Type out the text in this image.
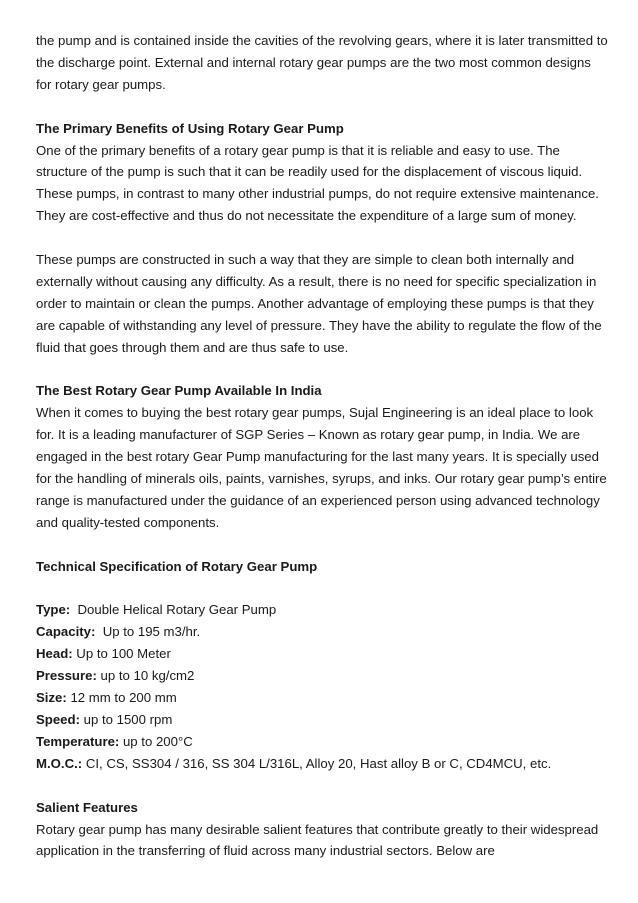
the pump and is contained inside the cavities of the revolving gears, where it is later transmitted to the discharge point. External and internal rotary gear pumps are the two most common designs for rotary gear pumps.

The Primary Benefits of Using Rotary Gear Pump

One of the primary benefits of a rotary gear pump is that it is reliable and easy to use. The structure of the pump is such that it can be readily used for the displacement of viscous liquid. These pumps, in contrast to many other industrial pumps, do not require extensive maintenance. They are cost-effective and thus do not necessitate the expenditure of a large sum of money.

These pumps are constructed in such a way that they are simple to clean both internally and externally without causing any difficulty. As a result, there is no need for specific specialization in order to maintain or clean the pumps. Another advantage of employing these pumps is that they are capable of withstanding any level of pressure. They have the ability to regulate the flow of the fluid that goes through them and are thus safe to use.

The Best Rotary Gear Pump Available In India

When it comes to buying the best rotary gear pumps, Sujal Engineering is an ideal place to look for. It is a leading manufacturer of SGP Series – Known as rotary gear pump, in India. We are engaged in the best rotary Gear Pump manufacturing for the last many years. It is specially used for the handling of minerals oils, paints, varnishes, syrups, and inks. Our rotary gear pump’s entire range is manufactured under the guidance of an experienced person using advanced technology and quality-tested components.

Technical Specification of Rotary Gear Pump

Type:  Double Helical Rotary Gear Pump

Capacity:  Up to 195 m3/hr.

Head: Up to 100 Meter

Pressure: up to 10 kg/cm2

Size: 12 mm to 200 mm

Speed: up to 1500 rpm

Temperature: up to 200°C

M.O.C.: CI, CS, SS304 / 316, SS 304 L/316L, Alloy 20, Hast alloy B or C, CD4MCU, etc.

Salient Features

Rotary gear pump has many desirable salient features that contribute greatly to their widespread application in the transferring of fluid across many industrial sectors. Below are
